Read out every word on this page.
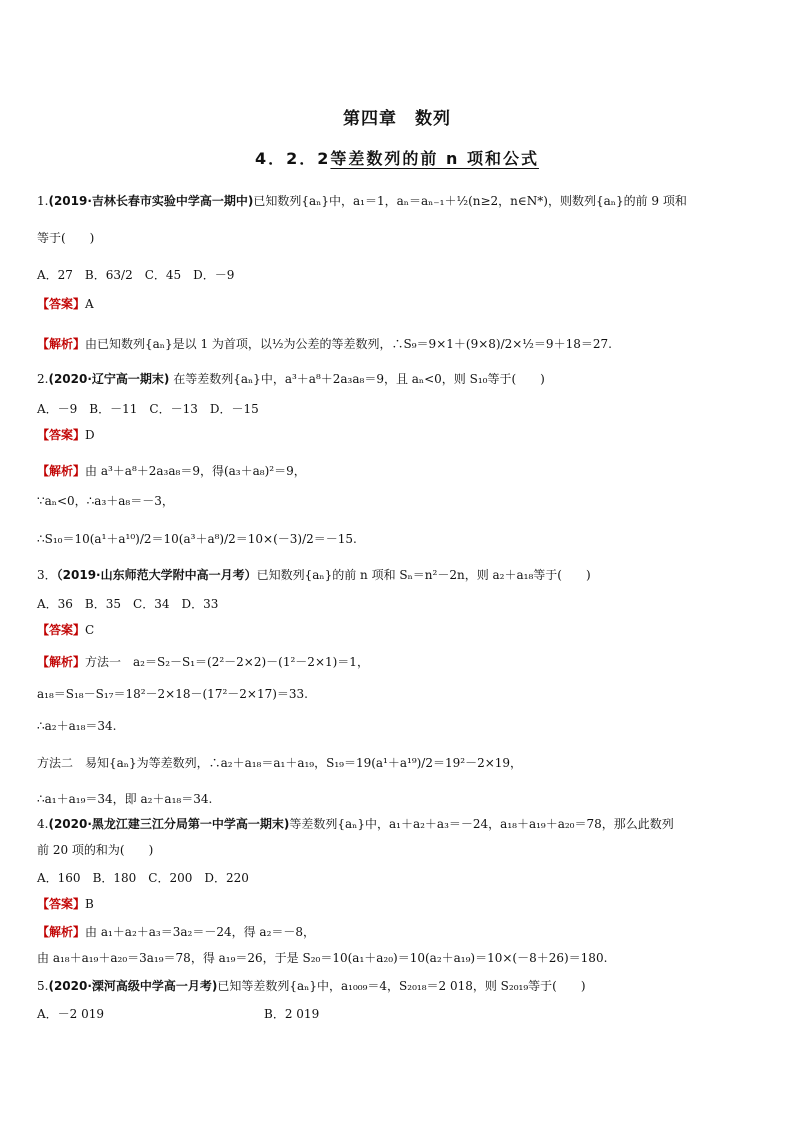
第四章　数列
4．2．2等差数列的前 n 项和公式
1.(2019·吉林长春市实验中学高一期中)已知数列{aₙ}中，a₁＝1，aₙ＝aₙ₋₁＋½(n≥2，n∈N*)，则数列{aₙ}的前 9 项和
等于(　　)
A．27　B．63/2　C．45　D．－9
【答案】A
【解析】由已知数列{aₙ}是以 1 为首项，以½为公差的等差数列，∴S₉＝9×1＋(9×8)/2×½＝9＋18＝27.
2.(2020·辽宁高一期末) 在等差数列{aₙ}中，a³＋a⁸＋2a₃a₈＝9，且 aₙ<0，则 S₁₀等于(　　)
A．－9　B．－11　C．－13　D．－15
【答案】D
【解析】由 a³＋a⁸＋2a₃a₈＝9，得(a₃＋a₈)²＝9，
∵aₙ<0，∴a₃＋a₈＝－3，
∴S₁₀＝10(a¹＋a¹⁰)/2＝10(a³＋a⁸)/2＝10×(－3)/2＝－15.
3．（2019·山东师范大学附中高一月考）已知数列{aₙ}的前 n 项和 Sₙ＝n²－2n，则 a₂＋a₁₈等于(　　)
A．36　B．35　C．34　D．33
【答案】C
【解析】方法一　a₂＝S₂－S₁＝(2²－2×2)－(1²－2×1)＝1，
a₁₈＝S₁₈－S₁₇＝18²－2×18－(17²－2×17)＝33.
∴a₂＋a₁₈＝34.
方法二　易知{aₙ}为等差数列，∴a₂＋a₁₈＝a₁＋a₁₉，S₁₉＝19(a¹＋a¹⁹)/2＝19²－2×19，
∴a₁＋a₁₉＝34，即 a₂＋a₁₈＝34.
4.(2020·黑龙江建三江分局第一中学高一期末)等差数列{aₙ}中，a₁＋a₂＋a₃＝－24，a₁₈＋a₁₉＋a₂₀＝78，那么此数列
前 20 项的和为(　　)
A．160　B．180　C．200　D．220
【答案】B
【解析】由 a₁＋a₂＋a₃＝3a₂＝－24，得 a₂＝－8，
由 a₁₈＋a₁₉＋a₂₀＝3a₁₉＝78，得 a₁₉＝26，于是 S₂₀＝10(a₁＋a₂₀)＝10(a₂＋a₁₉)＝10×(－8＋26)＝180.
5.(2020·溧河高级中学高一月考)已知等差数列{aₙ}中，a₁₀₀₉＝4，S₂₀₁₈＝2 018，则 S₂₀₁₉等于(　　)
A．－2 019	B．2 019
